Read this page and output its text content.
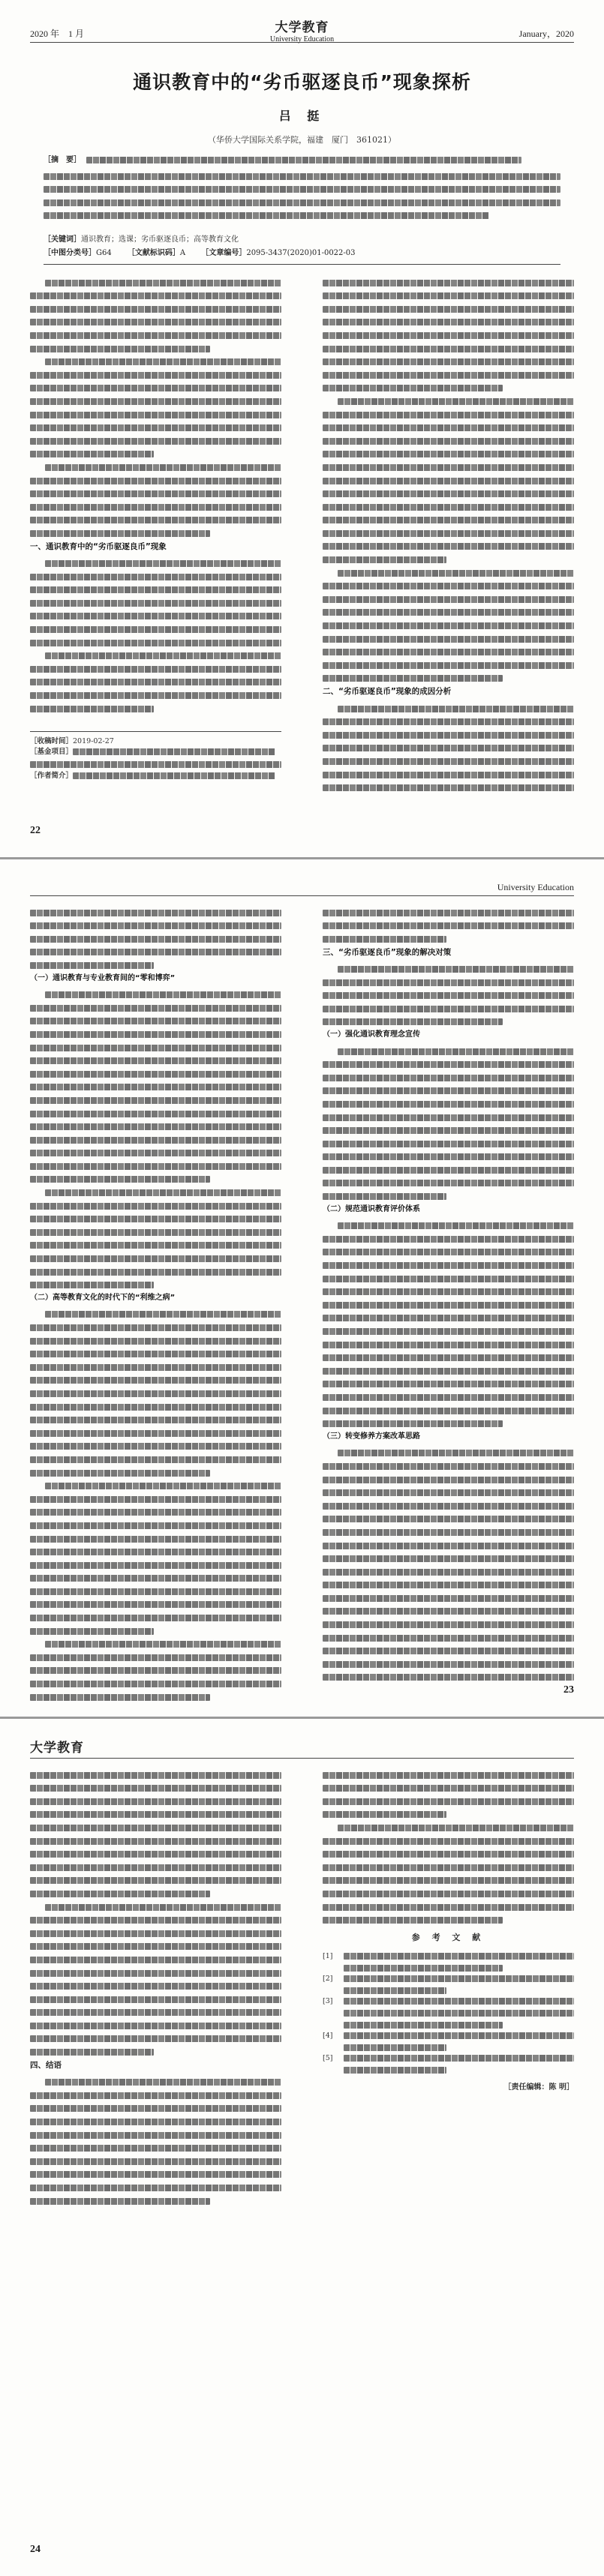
2020 年　1 月	大学教育
University Education
January，2020
通识教育中的“劣币驱逐良币”现象探析
吕 挺
（华侨大学国际关系学院，福建　厦门　361021）
［摘　要］
［关键词］通识教育；选课；劣币驱逐良币；高等教育文化
［中图分类号］G64 ［文献标识码］A ［文章编号］2095-3437(2020)01-0022-03
一、通识教育中的“劣币驱逐良币”现象
二、“劣币驱逐良币”现象的成因分析
［收稿时间］2019-02-27
［基金项目］
［作者简介］
22
University Education
（一）通识教育与专业教育间的“零和博弈”
（二）高等教育文化的时代下的“利维之病”
三、“劣币驱逐良币”现象的解决对策
（一）强化通识教育理念宣传
（二）规范通识教育评价体系
（三）转变修养方案改革思路
23
大学教育
四、结语
参 考 文 献
[1]
[2]
[3]
[4]
[5]
［责任编辑：陈 明］
24
